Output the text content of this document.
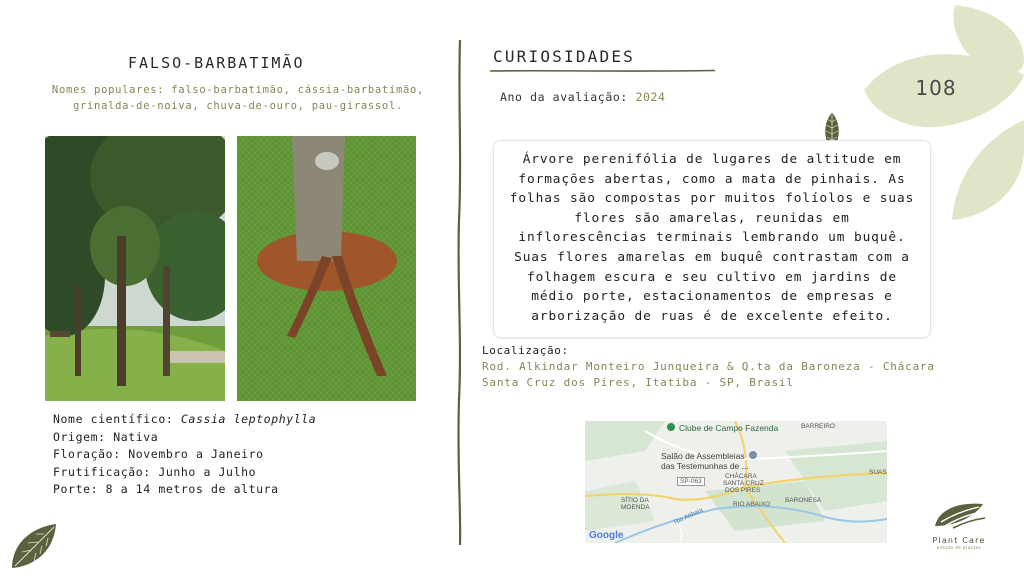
FALSO-BARBATIMÃO
Nomes populares: falso-barbatimão, cássia-barbatimão, grinalda-de-noiva, chuva-de-ouro, pau-girassol.
Nome científico: Cassia leptophylla
Origem: Nativa
Floração: Novembro a Janeiro
Frutificação: Junho a Julho
Porte: 8 a 14 metros de altura
CURIOSIDADES
Ano da avaliação: 2024	108
Árvore perenifólia de lugares de altitude em formações abertas, como a mata de pinhais. As folhas são compostas por muitos folíolos e suas flores são amarelas, reunidas em inflorescências terminais lembrando um buquê. Suas flores amarelas em buquê contrastam com a folhagem escura e seu cultivo em jardins de médio porte, estacionamentos de empresas e arborização de ruas é de excelente efeito.
Localização:
Rod. Alkindar Monteiro Junqueira & Q.ta da Baroneza - Chácara Santa Cruz dos Pires, Itatiba - SP, Brasil
Clube de Campo Fazenda
Salão de Assembleias
das Testemunhas de ...
BARREIRO
SP-063
CHÁCARA
SANTA CRUZ
DOS PIRES
SÍTIO DA
MOENDA	Rio Atibaia
RIO ABAIXO
BARONESA
SUAS
Google	Plant Care
estudo de plantas
